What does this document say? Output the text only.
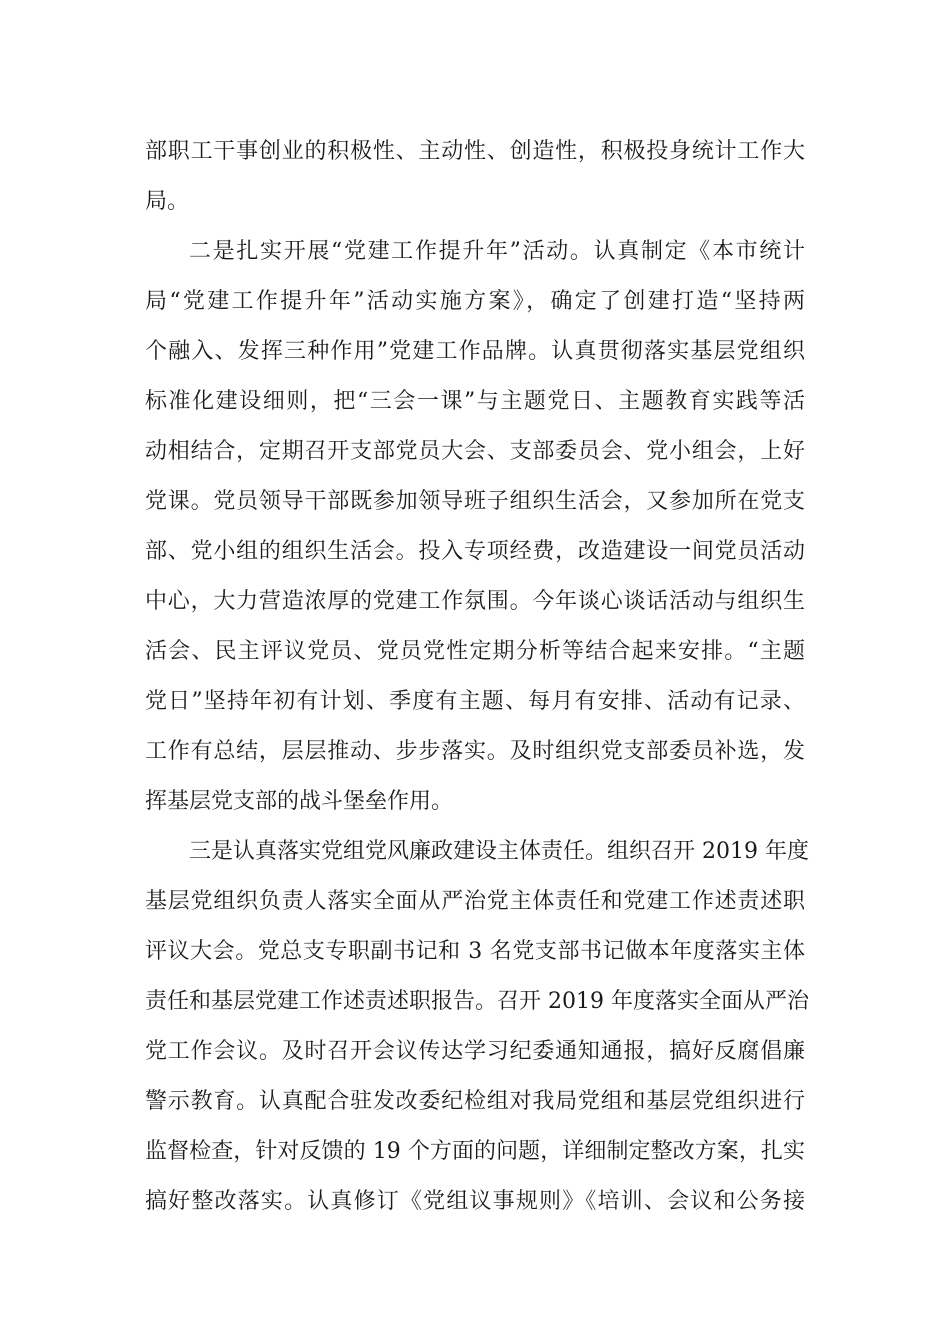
部职工干事创业的积极性、主动性、创造性，积极投身统计工作大
局。
二是扎实开展“党建工作提升年”活动。认真制定《本市统计
局“党建工作提升年”活动实施方案》，确定了创建打造“坚持两
个融入、发挥三种作用”党建工作品牌。认真贯彻落实基层党组织
标准化建设细则，把“三会一课”与主题党日、主题教育实践等活
动相结合，定期召开支部党员大会、支部委员会、党小组会，上好
党课。党员领导干部既参加领导班子组织生活会，又参加所在党支
部、党小组的组织生活会。投入专项经费，改造建设一间党员活动
中心，大力营造浓厚的党建工作氛围。今年谈心谈话活动与组织生
活会、民主评议党员、党员党性定期分析等结合起来安排。“主题
党日”坚持年初有计划、季度有主题、每月有安排、活动有记录、
工作有总结，层层推动、步步落实。及时组织党支部委员补选，发
挥基层党支部的战斗堡垒作用。
三是认真落实党组党风廉政建设主体责任。组织召开 2019 年度
基层党组织负责人落实全面从严治党主体责任和党建工作述责述职
评议大会。党总支专职副书记和 3 名党支部书记做本年度落实主体
责任和基层党建工作述责述职报告。召开 2019 年度落实全面从严治
党工作会议。及时召开会议传达学习纪委通知通报，搞好反腐倡廉
警示教育。认真配合驻发改委纪检组对我局党组和基层党组织进行
监督检查，针对反馈的 19 个方面的问题，详细制定整改方案，扎实
搞好整改落实。认真修订《党组议事规则》《培训、会议和公务接
